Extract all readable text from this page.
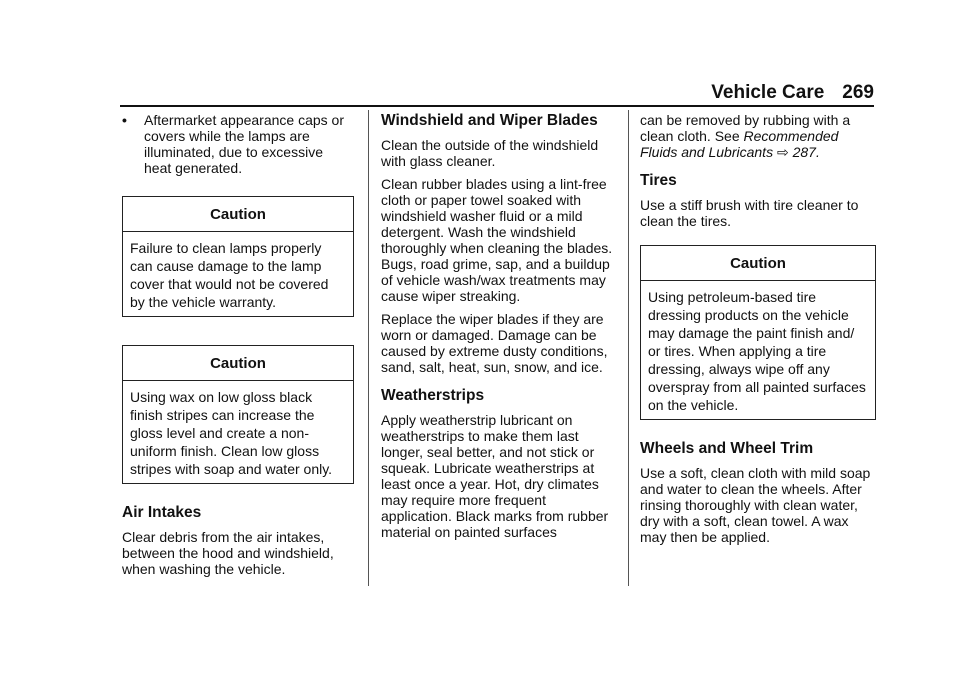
Vehicle Care 269
•	Aftermarket appearance caps or covers while the lamps are illuminated, due to excessive heat generated.
Caution
Failure to clean lamps properly can cause damage to the lamp cover that would not be covered by the vehicle warranty.
Caution
Using wax on low gloss black finish stripes can increase the gloss level and create a non-uniform finish. Clean low gloss stripes with soap and water only.
Air Intakes

Clear debris from the air intakes, between the hood and windshield, when washing the vehicle.

Windshield and Wiper Blades

Clean the outside of the windshield with glass cleaner.

Clean rubber blades using a lint-free cloth or paper towel soaked with windshield washer fluid or a mild detergent. Wash the windshield thoroughly when cleaning the blades. Bugs, road grime, sap, and a buildup of vehicle wash/wax treatments may cause wiper streaking.

Replace the wiper blades if they are worn or damaged. Damage can be caused by extreme dusty conditions, sand, salt, heat, sun, snow, and ice.

Weatherstrips

Apply weatherstrip lubricant on weatherstrips to make them last longer, seal better, and not stick or squeak. Lubricate weatherstrips at least once a year. Hot, dry climates may require more frequent application. Black marks from rubber material on painted surfaces

can be removed by rubbing with a clean cloth. See Recommended Fluids and Lubricants ⇨ 287.

Tires

Use a stiff brush with tire cleaner to clean the tires.

Caution
Using petroleum-based tire dressing products on the vehicle may damage the paint finish and/ or tires. When applying a tire dressing, always wipe off any overspray from all painted surfaces on the vehicle.
Wheels and Wheel Trim

Use a soft, clean cloth with mild soap and water to clean the wheels. After rinsing thoroughly with clean water, dry with a soft, clean towel. A wax may then be applied.
